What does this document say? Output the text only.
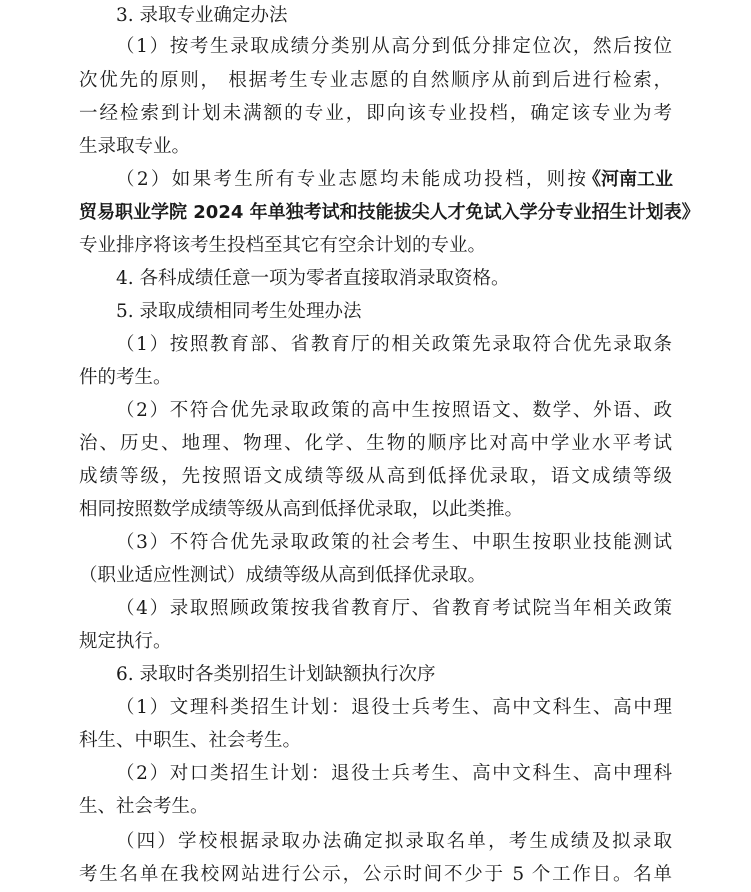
3. 录取专业确定办法
（1）按考生录取成绩分类别从高分到低分排定位次，然后按位
次优先的原则， 根据考生专业志愿的自然顺序从前到后进行检索，
一经检索到计划未满额的专业，即向该专业投档，确定该专业为考
生录取专业。
（2）如果考生所有专业志愿均未能成功投档，则按
《河南工业
贸易职业学院 2024 年单独考试和技能拔尖人才免试入学分专业招生计划表》
专业排序将该考生投档至其它有空余计划的专业。
4. 各科成绩任意一项为零者直接取消录取资格。
5. 录取成绩相同考生处理办法
（1）按照教育部、省教育厅的相关政策先录取符合优先录取条
件的考生。
（2）不符合优先录取政策的高中生按照语文、数学、外语、政
治、历史、地理、物理、化学、生物的顺序比对高中学业水平考试
成绩等级，先按照语文成绩等级从高到低择优录取，语文成绩等级
相同按照数学成绩等级从高到低择优录取，以此类推。
（3）不符合优先录取政策的社会考生、中职生按职业技能测试
（职业适应性测试）成绩等级从高到低择优录取。
（4）录取照顾政策按我省教育厅、省教育考试院当年相关政策
规定执行。
6. 录取时各类别招生计划缺额执行次序
（1）文理科类招生计划：退役士兵考生、高中文科生、高中理
科生、中职生、社会考生。
（2）对口类招生计划：退役士兵考生、高中文科生、高中理科
生、社会考生。
（四）学校根据录取办法确定拟录取名单，考生成绩及拟录取
考生名单在我校网站进行公示，公示时间不少于 5 个工作日。名单
